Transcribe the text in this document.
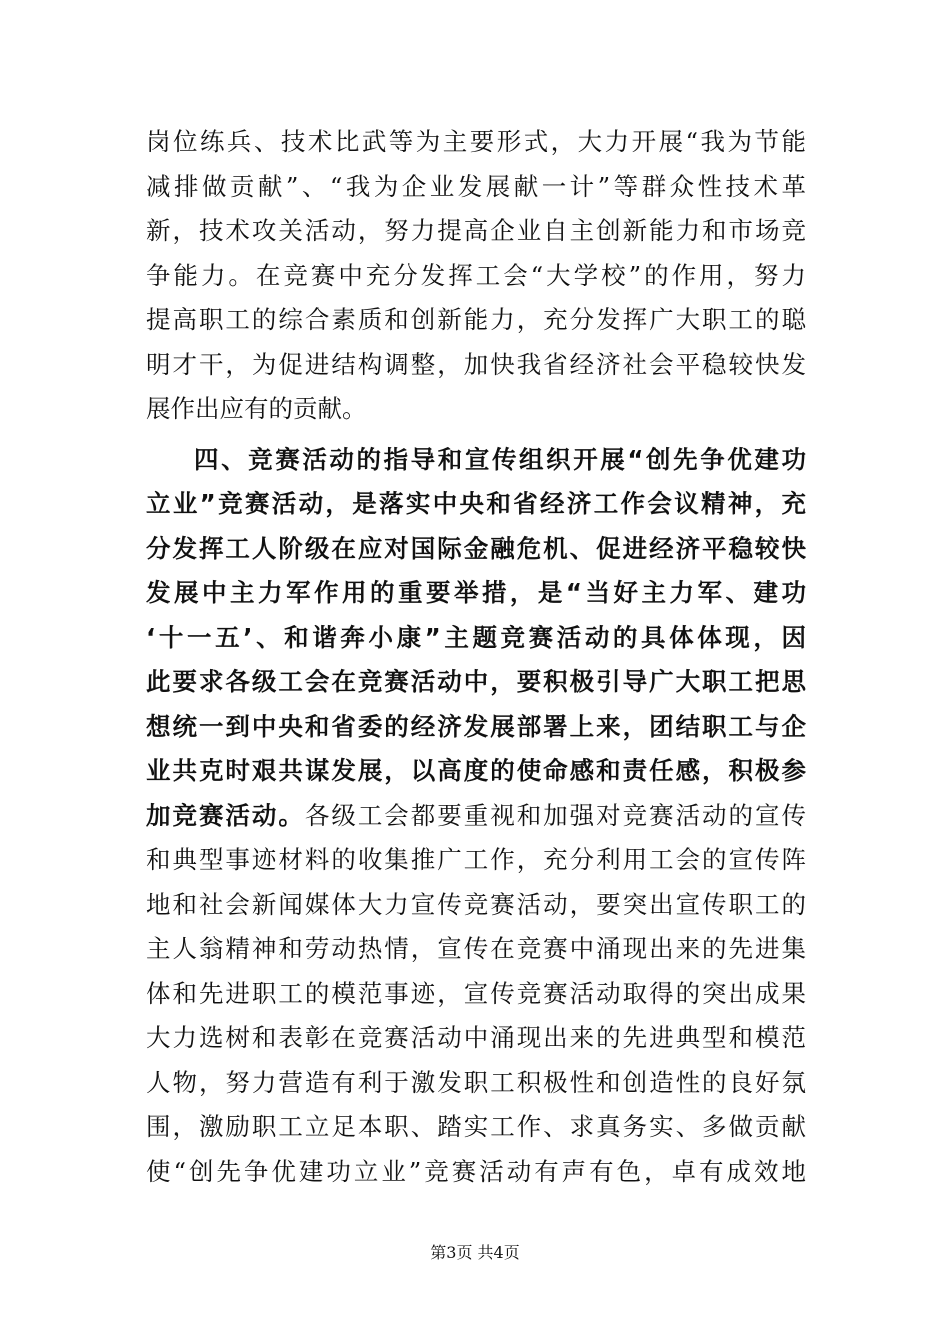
岗位练兵、技术比武等为主要形式，大力开展“我为节能
减排做贡献”、“我为企业发展献一计”等群众性技术革
新，技术攻关活动，努力提高企业自主创新能力和市场竞
争能力。在竞赛中充分发挥工会“大学校”的作用，努力
提高职工的综合素质和创新能力，充分发挥广大职工的聪
明才干，为促进结构调整，加快我省经济社会平稳较快发
展作出应有的贡献。
四、竞赛活动的指导和宣传组织开展“创先争优建功
立业”竞赛活动，是落实中央和省经济工作会议精神，充
分发挥工人阶级在应对国际金融危机、促进经济平稳较快
发展中主力军作用的重要举措，是“当好主力军、建功
‘十一五’、和谐奔小康”主题竞赛活动的具体体现，因
此要求各级工会在竞赛活动中，要积极引导广大职工把思
想统一到中央和省委的经济发展部署上来，团结职工与企
业共克时艰共谋发展，以高度的使命感和责任感，积极参
加竞赛活动。各级工会都要重视和加强对竞赛活动的宣传
和典型事迹材料的收集推广工作，充分利用工会的宣传阵
地和社会新闻媒体大力宣传竞赛活动，要突出宣传职工的
主人翁精神和劳动热情，宣传在竞赛中涌现出来的先进集
体和先进职工的模范事迹，宣传竞赛活动取得的突出成果
大力选树和表彰在竞赛活动中涌现出来的先进典型和模范
人物，努力营造有利于激发职工积极性和创造性的良好氛
围，激励职工立足本职、踏实工作、求真务实、多做贡献
使“创先争优建功立业”竞赛活动有声有色，卓有成效地
第3页 共4页
